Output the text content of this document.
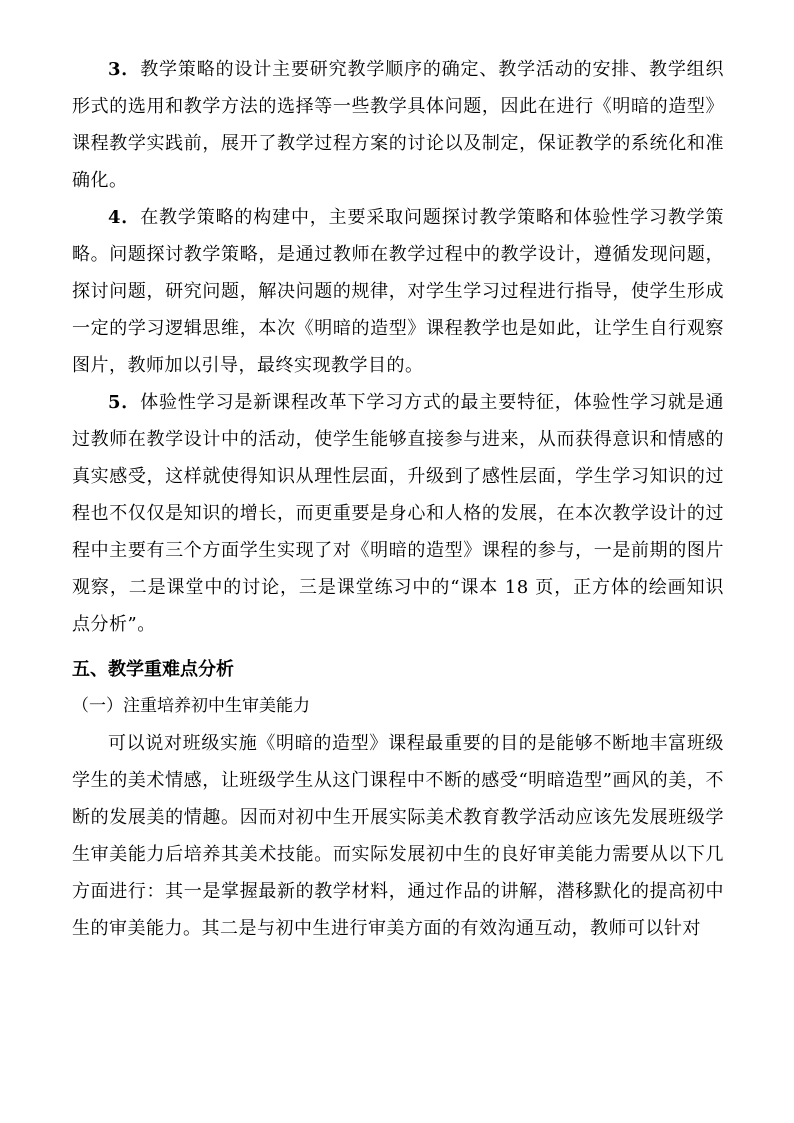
3．教学策略的设计主要研究教学顺序的确定、教学活动的安排、教学组织形式的选用和教学方法的选择等一些教学具体问题，因此在进行《明暗的造型》课程教学实践前，展开了教学过程方案的讨论以及制定，保证教学的系统化和准确化。

4．在教学策略的构建中，主要采取问题探讨教学策略和体验性学习教学策略。问题探讨教学策略，是通过教师在教学过程中的教学设计，遵循发现问题，探讨问题，研究问题，解决问题的规律，对学生学习过程进行指导，使学生形成一定的学习逻辑思维，本次《明暗的造型》课程教学也是如此，让学生自行观察图片，教师加以引导，最终实现教学目的。

5．体验性学习是新课程改革下学习方式的最主要特征，体验性学习就是通过教师在教学设计中的活动，使学生能够直接参与进来，从而获得意识和情感的真实感受，这样就使得知识从理性层面，升级到了感性层面，学生学习知识的过程也不仅仅是知识的增长，而更重要是身心和人格的发展，在本次教学设计的过程中主要有三个方面学生实现了对《明暗的造型》课程的参与，一是前期的图片观察，二是课堂中的讨论，三是课堂练习中的“课本 18 页，正方体的绘画知识点分析”。

五、教学重难点分析
（一）注重培养初中生审美能力

可以说对班级实施《明暗的造型》课程最重要的目的是能够不断地丰富班级学生的美术情感，让班级学生从这门课程中不断的感受“明暗造型”画风的美，不断的发展美的情趣。因而对初中生开展实际美术教育教学活动应该先发展班级学生审美能力后培养其美术技能。而实际发展初中生的良好审美能力需要从以下几方面进行：其一是掌握最新的教学材料，通过作品的讲解，潜移默化的提高初中生的审美能力。其二是与初中生进行审美方面的有效沟通互动，教师可以针对
